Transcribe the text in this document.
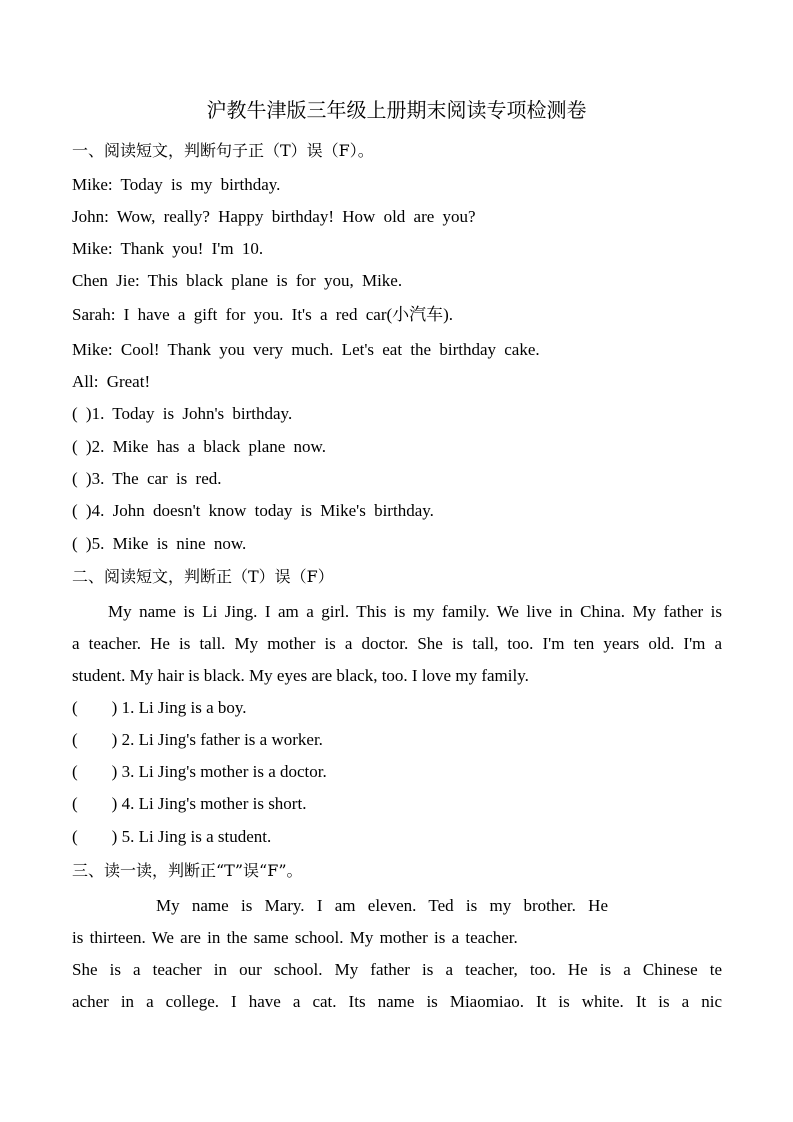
沪教牛津版三年级上册期末阅读专项检测卷
一、阅读短文，判断句子正（T）误（F）。
Mike: Today is my birthday.
John: Wow, really? Happy birthday! How old are you?
Mike: Thank you! I'm 10.
Chen Jie: This black plane is for you, Mike.
Sarah: I have a gift for you. It's a red car(小汽车).
Mike: Cool! Thank you very much. Let's eat the birthday cake.
All: Great!
( )1. Today is John's birthday.
( )2. Mike has a black plane now.
( )3. The car is red.
( )4. John doesn't know today is Mike's birthday.
( )5. Mike is nine now.
二、阅读短文，判断正（T）误（F）
My name is Li Jing. I am a girl. This is my family. We live in China. My father is
a teacher. He is tall. My mother is a doctor. She is tall, too. I'm ten years old. I'm a
student. My hair is black. My eyes are black, too. I love my family.
(        ) 1. Li Jing is a boy.
(        ) 2. Li Jing's father is a worker.
(        ) 3. Li Jing's mother is a doctor.
(        ) 4. Li Jing's mother is short.
(        ) 5. Li Jing is a student.
三、读一读，判断正“T”误“F”。
My name is Mary. I am eleven. Ted is my brother. He
is thirteen. We are in the same school. My mother is a teacher.
She is a teacher in our school. My father is a teacher, too. He is a Chinese te
acher in a college. I have a cat. Its name is Miaomiao. It is white. It is a nic
